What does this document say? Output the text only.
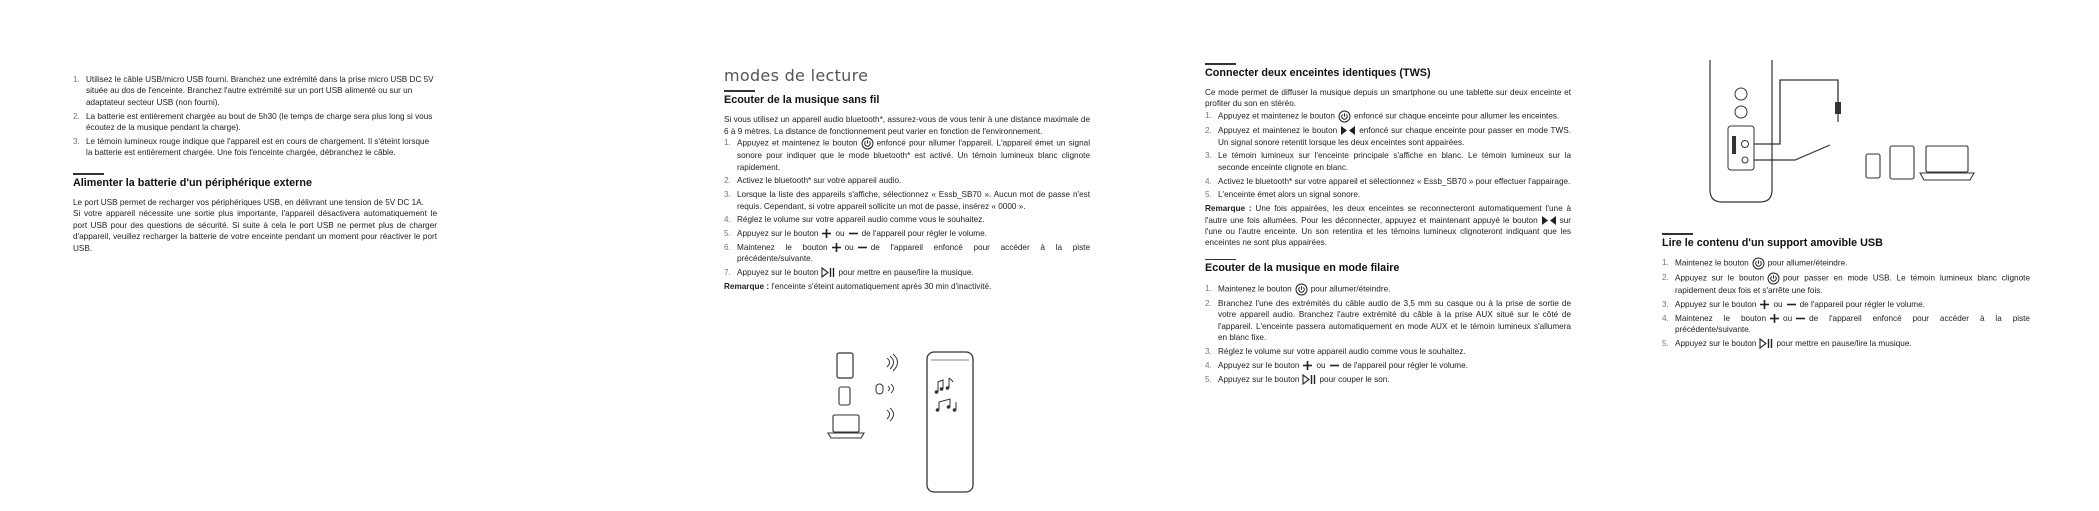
1. Utilisez le câble USB/micro USB fourni. Branchez une extrémité dans la prise micro USB DC 5V située au dos de l'enceinte. Branchez l'autre extrémité sur un port USB alimenté ou sur un adaptateur secteur USB (non fourni).
2. La batterie est entièrement chargée au bout de 5h30 (le temps de charge sera plus long si vous écoutez de la musique pendant la charge).
3. Le témoin lumineux rouge indique que l'appareil est en cours de chargement. Il s'éteint lorsque la batterie est entièrement chargée. Une fois l'enceinte chargée, débranchez le câble.
Alimenter la batterie d'un périphérique externe

Le port USB permet de recharger vos périphériques USB, en délivrant une tension de 5V DC 1A.

Si votre appareil nécessite une sortie plus importante, l'appareil désactivera automatiquement le port USB pour des questions de sécurité. Si suite à cela le port USB ne permet plus de charger d'appareil, veuillez recharger la batterie de votre enceinte pendant un moment pour réactiver le port USB.

modes de lecture
Ecouter de la musique sans fil

Si vous utilisez un appareil audio bluetooth*, assurez-vous de vous tenir à une distance maximale de 6 à 9 mètres. La distance de fonctionnement peut varier en fonction de l'environnement.

1. Appuyez et maintenez le bouton enfoncé pour allumer l'appareil. L'appareil émet un signal sonore pour indiquer que le mode bluetooth* est activé. Un témoin lumineux blanc clignote rapidement.
2. Activez le bluetooth* sur votre appareil audio.
3. Lorsque la liste des appareils s'affiche, sélectionnez « Essb_SB70 ». Aucun mot de passe n'est requis. Cependant, si votre appareil sollicite un mot de passe, insérez « 0000 ».
4. Réglez le volume sur votre appareil audio comme vous le souhaitez.
5. Appuyez sur le bouton ou de l'appareil pour régler le volume.
6. Maintenez le bouton ou de l'appareil enfoncé pour accéder à la piste précédente/suivante.
7. Appuyez sur le bouton pour mettre en pause/lire la musique.

Remarque : l'enceinte s'éteint automatiquement après 30 min d'inactivité.

Connecter deux enceintes identiques (TWS)

Ce mode permet de diffuser la musique depuis un smartphone ou une tablette sur deux enceinte et profiter du son en stéréo.

1. Appuyez et maintenez le bouton enfoncé sur chaque enceinte pour allumer les enceintes.
2. Appuyez et maintenez le bouton	enfoncé sur chaque enceinte pour passer en mode TWS. Un signal sonore retentit lorsque les deux enceintes sont appairées.
3. Le témoin lumineux sur l'enceinte principale s'affiche en blanc. Le témoin lumineux sur la seconde enceinte clignote en blanc.
4. Activez le bluetooth* sur votre appareil et sélectionnez « Essb_SB70 » pour effectuer l'appairage.
5. L'enceinte émet alors un signal sonore.

Remarque : Une fois appairées, les deux enceintes se reconnecteront automatiquement l'une à l'autre une fois allumées. Pour les déconnecter, appuyez et maintenant appuyé le bouton	sur l'une ou l'autre enceinte. Un son retentira et les témoins lumineux clignoteront indiquant que les enceintes ne sont plus appairées.

Ecouter de la musique en mode filaire
1. Maintenez le bouton pour allumer/éteindre.
2. Branchez l'une des extrémités du câble audio de 3,5 mm su casque ou à la prise de sortie de votre appareil audio. Branchez l'autre extrémité du câble à la prise AUX situé sur le côté de l'appareil. L'enceinte passera automatiquement en mode AUX et le témoin lumineux s'allumera en blanc fixe.
3. Réglez le volume sur votre appareil audio comme vous le souhaitez.
4. Appuyez sur le bouton ou de l'appareil pour régler le volume.
5. Appuyez sur le bouton pour couper le son.
Lire le contenu d'un support amovible USB
1. Maintenez le bouton pour allumer/éteindre.
2. Appuyez sur le bouton pour passer en mode USB. Le témoin lumineux blanc clignote rapidement deux fois et s'arrête une fois.
3. Appuyez sur le bouton ou de l'appareil pour régler le volume.
4. Maintenez le bouton ou de l'appareil enfoncé pour accéder à la piste précédente/suivante.
5. Appuyez sur le bouton pour mettre en pause/lire la musique.
